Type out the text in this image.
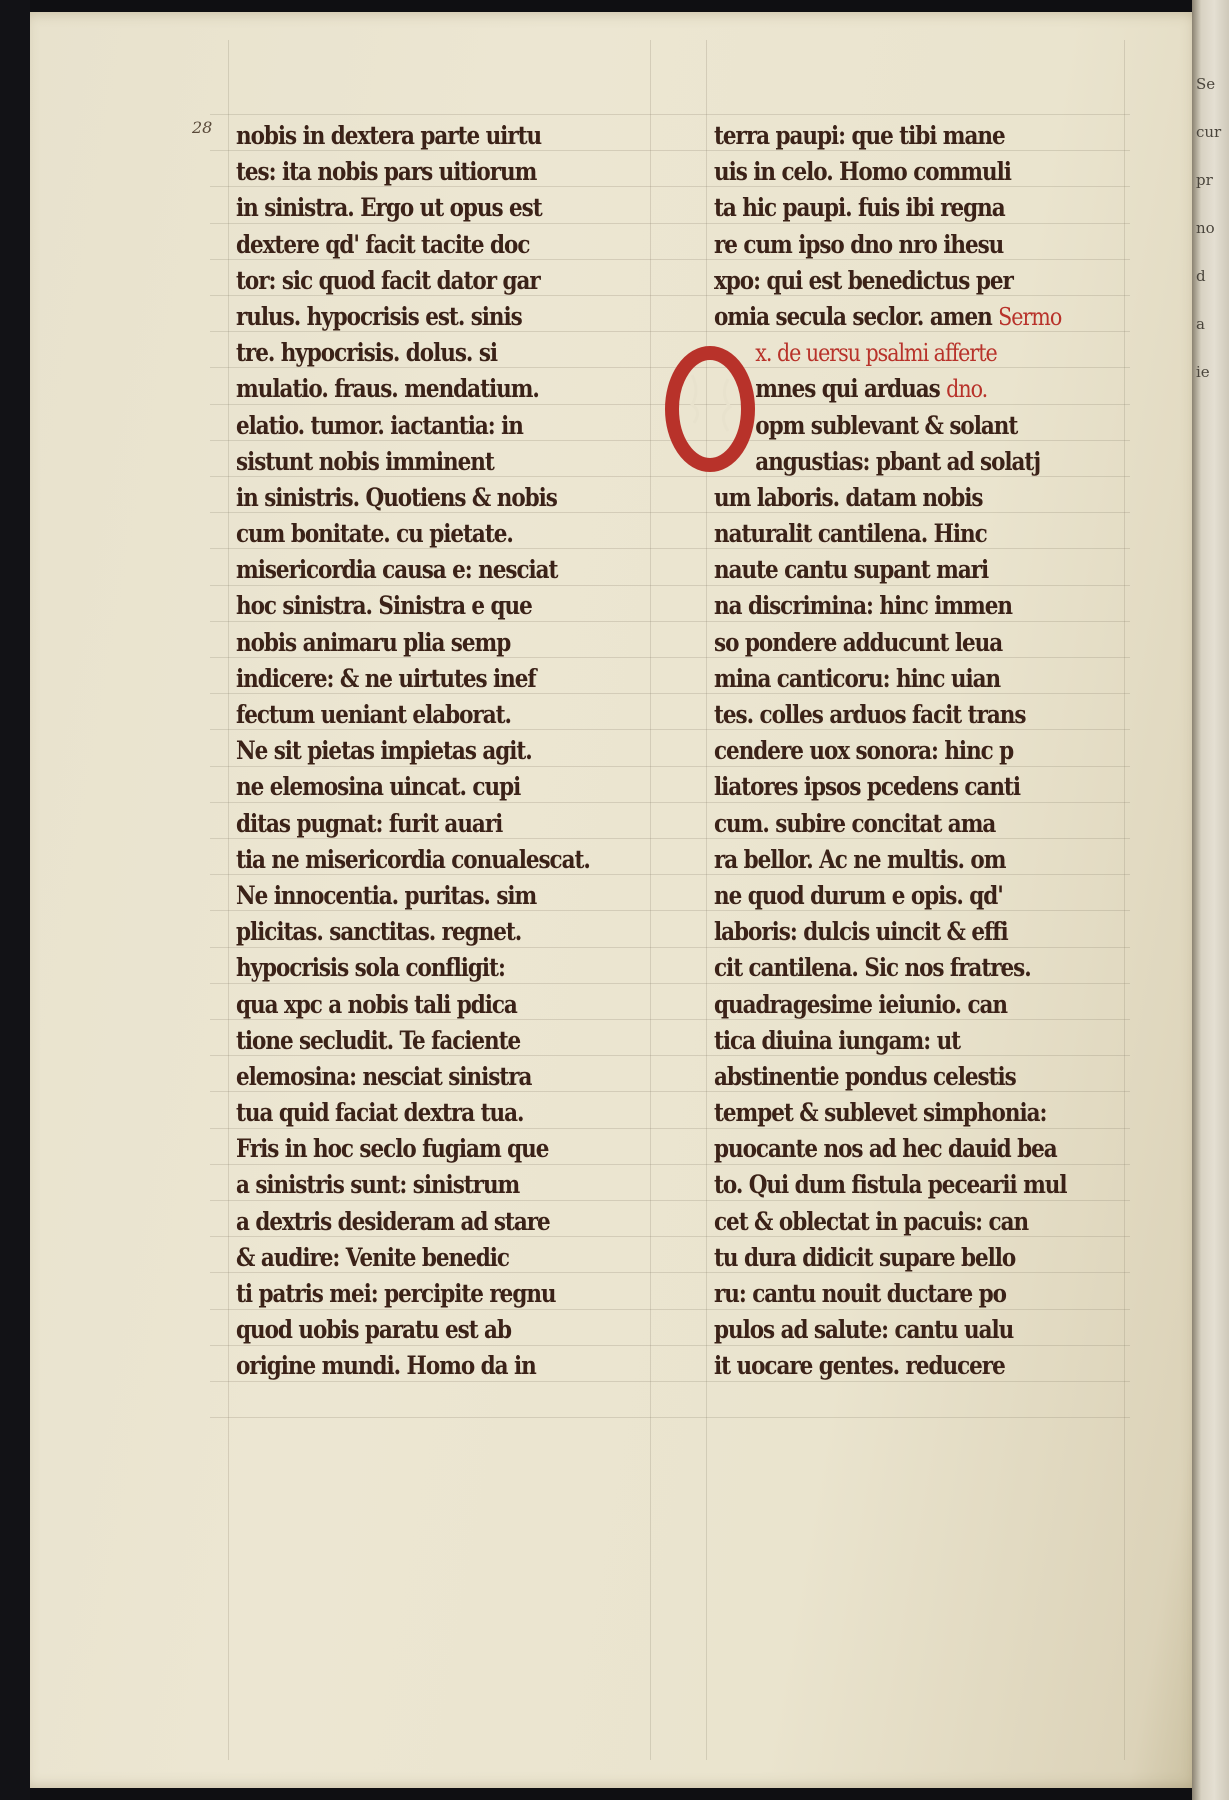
Se
cur
pr
no
d
a
ie
28 nobis in dextera parte uirtu
tes: ita nobis pars uitiorum
in sinistra. Ergo ut opus est
dextere qd' facit tacite doc
tor: sic quod facit dator gar
rulus. hypocrisis est. sinis
tre. hypocrisis. dolus. si
mulatio. fraus. mendatium.
elatio. tumor. iactantia: in
sistunt nobis imminent
in sinistris. Quotiens & nobis
cum bonitate. cu pietate.
misericordia causa e: nesciat
hoc sinistra. Sinistra e que
nobis animaru plia semp
indicere: & ne uirtutes inef
fectum ueniant elaborat.
Ne sit pietas impietas agit.
ne elemosina uincat. cupi
ditas pugnat: furit auari
tia ne misericordia conualescat.
Ne innocentia. puritas. sim
plicitas. sanctitas. regnet.
hypocrisis sola confligit:
qua xpc a nobis tali pdica
tione secludit. Te faciente
elemosina: nesciat sinistra
tua quid faciat dextra tua.
Fris in hoc seclo fugiam que
a sinistris sunt: sinistrum
a dextris desideram ad stare
& audire: Venite benedic
ti patris mei: percipite regnu
quod uobis paratu est ab
origine mundi. Homo da in
terra paupi: que tibi mane
uis in celo. Homo commuli
ta hic paupi. fuis ibi regna
re cum ipso dno nro ihesu
xpo: qui est benedictus per
omia secula seclor. amen Sermo
x. de uersu psalmi afferte
mnes qui arduas dno.
opm sublevant & solant
angustias: pbant ad solatj
um laboris. datam nobis
naturalit cantilena. Hinc
naute cantu supant mari
na discrimina: hinc immen
so pondere adducunt leua
mina canticoru: hinc uian
tes. colles arduos facit trans
cendere uox sonora: hinc p
liatores ipsos pcedens canti
cum. subire concitat ama
ra bellor. Ac ne multis. om
ne quod durum e opis. qd'
laboris: dulcis uincit & effi
cit cantilena. Sic nos fratres.
quadragesime ieiunio. can
tica diuina iungam: ut
abstinentie pondus celestis
tempet & sublevet simphonia:
puocante nos ad hec dauid bea
to. Qui dum fistula pecearii mul
cet & oblectat in pacuis: can
tu dura didicit supare bello
ru: cantu nouit ductare po
pulos ad salute: cantu ualu
it uocare gentes. reducere
O
